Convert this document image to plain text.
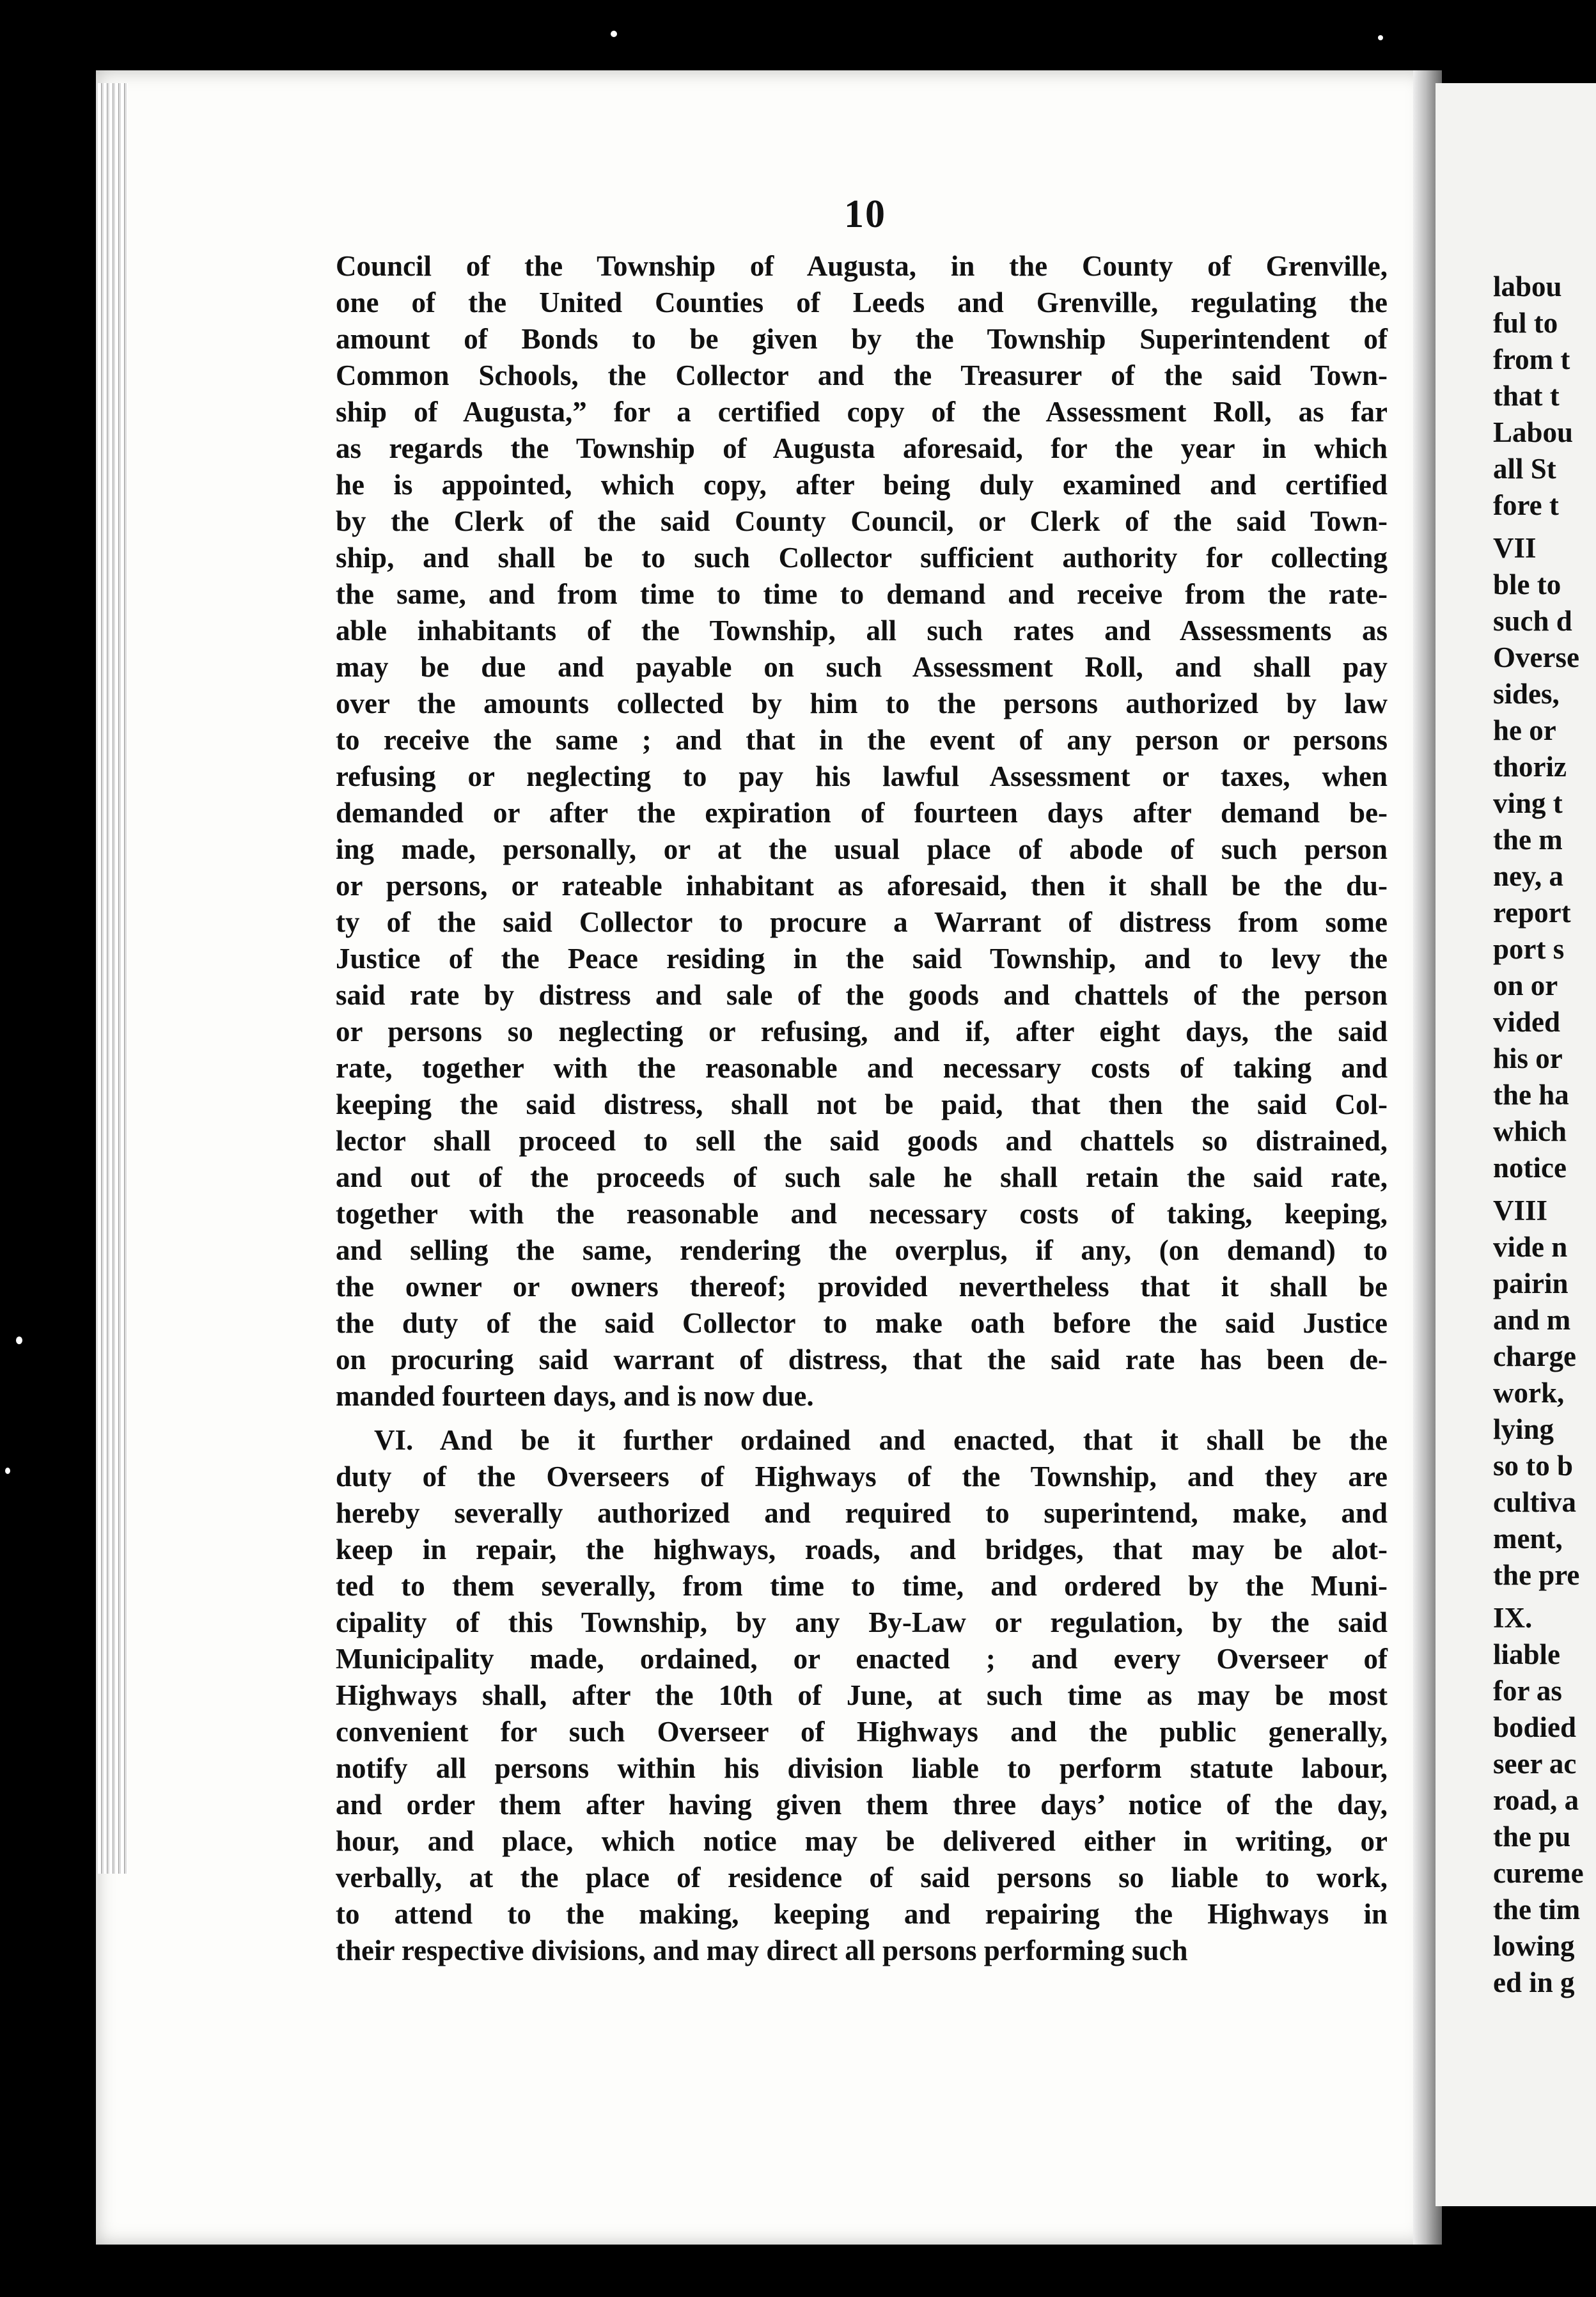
10
Council of the Township of Augusta, in the County of Grenville,
one of the United Counties of Leeds and Grenville, regulating the
amount of Bonds to be given by the Township Superintendent of
Common Schools, the Collector and the Treasurer of the said Town-
ship of Augusta,” for a certified copy of the Assessment Roll, as far
as regards the Township of Augusta aforesaid, for the year in which
he is appointed, which copy, after being duly examined and certified
by the Clerk of the said County Council, or Clerk of the said Town-
ship, and shall be to such Collector sufficient authority for collecting
the same, and from time to time to demand and receive from the rate-
able inhabitants of the Township, all such rates and Assessments as
may be due and payable on such Assessment Roll, and shall pay
over the amounts collected by him to the persons authorized by law
to receive the same ; and that in the event of any person or persons
refusing or neglecting to pay his lawful Assessment or taxes, when
demanded or after the expiration of fourteen days after demand be-
ing made, personally, or at the usual place of abode of such person
or persons, or rateable inhabitant as aforesaid, then it shall be the du-
ty of the said Collector to procure a Warrant of distress from some
Justice of the Peace residing in the said Township, and to levy the
said rate by distress and sale of the goods and chattels of the person
or persons so neglecting or refusing, and if, after eight days, the said
rate, together with the reasonable and necessary costs of taking and
keeping the said distress, shall not be paid, that then the said Col-
lector shall proceed to sell the said goods and chattels so distrained,
and out of the proceeds of such sale he shall retain the said rate,
together with the reasonable and necessary costs of taking, keeping,
and selling the same, rendering the overplus, if any, (on demand) to
the owner or owners thereof; provided nevertheless that it shall be
the duty of the said Collector to make oath before the said Justice
on procuring said warrant of distress, that the said rate has been de-
manded fourteen days, and is now due.
VI. And be it further ordained and enacted, that it shall be the
duty of the Overseers of Highways of the Township, and they are
hereby severally authorized and required to superintend, make, and
keep in repair, the highways, roads, and bridges, that may be alot-
ted to them severally, from time to time, and ordered by the Muni-
cipality of this Township, by any By-Law or regulation, by the said
Municipality made, ordained, or enacted ; and every Overseer of
Highways shall, after the 10th of June, at such time as may be most
convenient for such Overseer of Highways and the public generally,
notify all persons within his division liable to perform statute labour,
and order them after having given them three days’ notice of the day,
hour, and place, which notice may be delivered either in writing, or
verbally, at the place of residence of said persons so liable to work,
to attend to the making, keeping and repairing the Highways in
their respective divisions, and may direct all persons performing such
labou
ful to
from t
that t
Labou
all St
fore t
VII
ble to
such d
Overse
sides,
he or
thoriz
ving t
the m
ney, a
report
port s
on or
vided
his or
the ha
which
notice
VIII
vide n
pairin
and m
charge
work,
lying
so to b
cultiva
ment,
the pre
IX.
liable
for as
bodied
seer ac
road, a
the pu
cureme
the tim
lowing
ed in g
